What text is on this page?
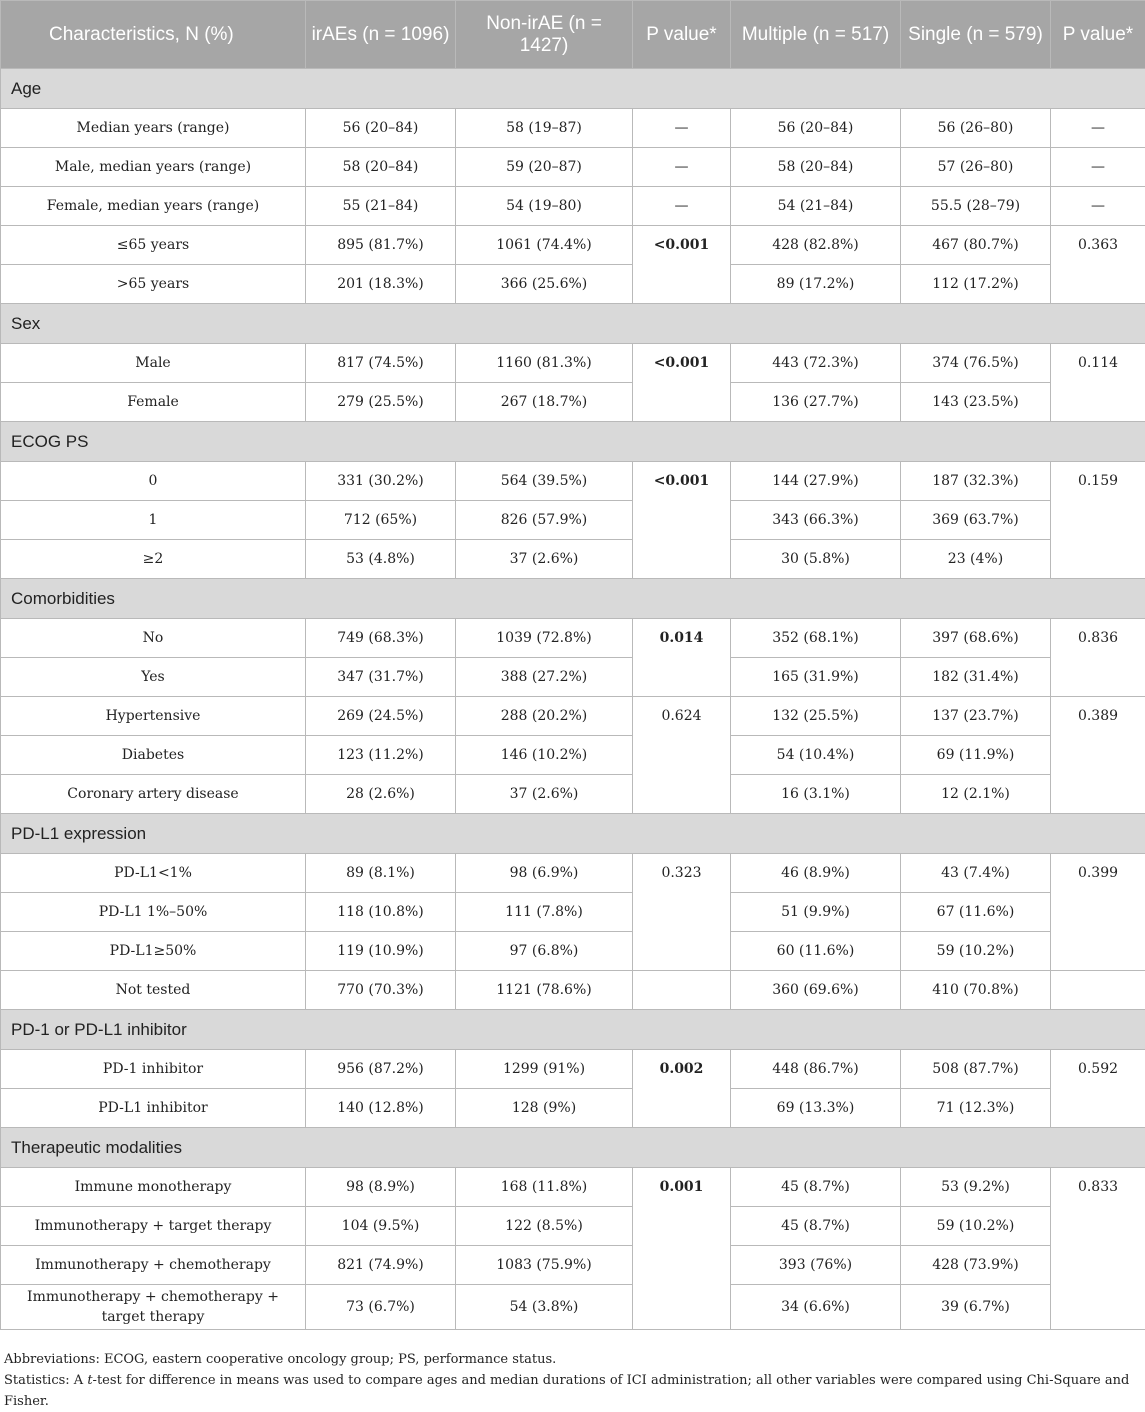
Characteristics, N (%)	irAEs (n = 1096)	Non-irAE (n = 1427)	P value*	Multiple (n = 517)	Single (n = 579)	P value*
Age						
Median years (range)	56 (20–84)	58 (19–87)	—	56 (20–84)	56 (26–80)	—
Male, median years (range)	58 (20–84)	59 (20–87)	—	58 (20–84)	57 (26–80)	—
Female, median years (range)	55 (21–84)	54 (19–80)	—	54 (21–84)	55.5 (28–79)	—
≤65 years	895 (81.7%)	1061 (74.4%)	<0.001	428 (82.8%)	467 (80.7%)	0.363
>65 years	201 (18.3%)	366 (25.6%)		89 (17.2%)	112 (17.2%)	
Sex						
Male	817 (74.5%)	1160 (81.3%)	<0.001	443 (72.3%)	374 (76.5%)	0.114
Female	279 (25.5%)	267 (18.7%)		136 (27.7%)	143 (23.5%)	
ECOG PS						
0	331 (30.2%)	564 (39.5%)	<0.001	144 (27.9%)	187 (32.3%)	0.159
1	712 (65%)	826 (57.9%)		343 (66.3%)	369 (63.7%)	
≥2	53 (4.8%)	37 (2.6%)		30 (5.8%)	23 (4%)	
Comorbidities						
No	749 (68.3%)	1039 (72.8%)	0.014	352 (68.1%)	397 (68.6%)	0.836
Yes	347 (31.7%)	388 (27.2%)		165 (31.9%)	182 (31.4%)	
Hypertensive	269 (24.5%)	288 (20.2%)	0.624	132 (25.5%)	137 (23.7%)	0.389
Diabetes	123 (11.2%)	146 (10.2%)		54 (10.4%)	69 (11.9%)	
Coronary artery disease	28 (2.6%)	37 (2.6%)		16 (3.1%)	12 (2.1%)	
PD-L1 expression						
PD-L1<1%	89 (8.1%)	98 (6.9%)	0.323	46 (8.9%)	43 (7.4%)	0.399
PD-L1 1%–50%	118 (10.8%)	111 (7.8%)		51 (9.9%)	67 (11.6%)	
PD-L1≥50%	119 (10.9%)	97 (6.8%)		60 (11.6%)	59 (10.2%)	
Not tested	770 (70.3%)	1121 (78.6%)		360 (69.6%)	410 (70.8%)	
PD-1 or PD-L1 inhibitor						
PD-1 inhibitor	956 (87.2%)	1299 (91%)	0.002	448 (86.7%)	508 (87.7%)	0.592
PD-L1 inhibitor	140 (12.8%)	128 (9%)		69 (13.3%)	71 (12.3%)	
Therapeutic modalities						
Immune monotherapy	98 (8.9%)	168 (11.8%)	0.001	45 (8.7%)	53 (9.2%)	0.833
Immunotherapy + target therapy	104 (9.5%)	122 (8.5%)		45 (8.7%)	59 (10.2%)	
Immunotherapy + chemotherapy	821 (74.9%)	1083 (75.9%)		393 (76%)	428 (73.9%)	
Immunotherapy + chemotherapy + target therapy	73 (6.7%)	54 (3.8%)		34 (6.6%)	39 (6.7%)	

Abbreviations: ECOG, eastern cooperative oncology group; PS, performance status.

Statistics: A t-test for difference in means was used to compare ages and median durations of ICI administration; all other variables were compared using Chi-Square and Fisher.
